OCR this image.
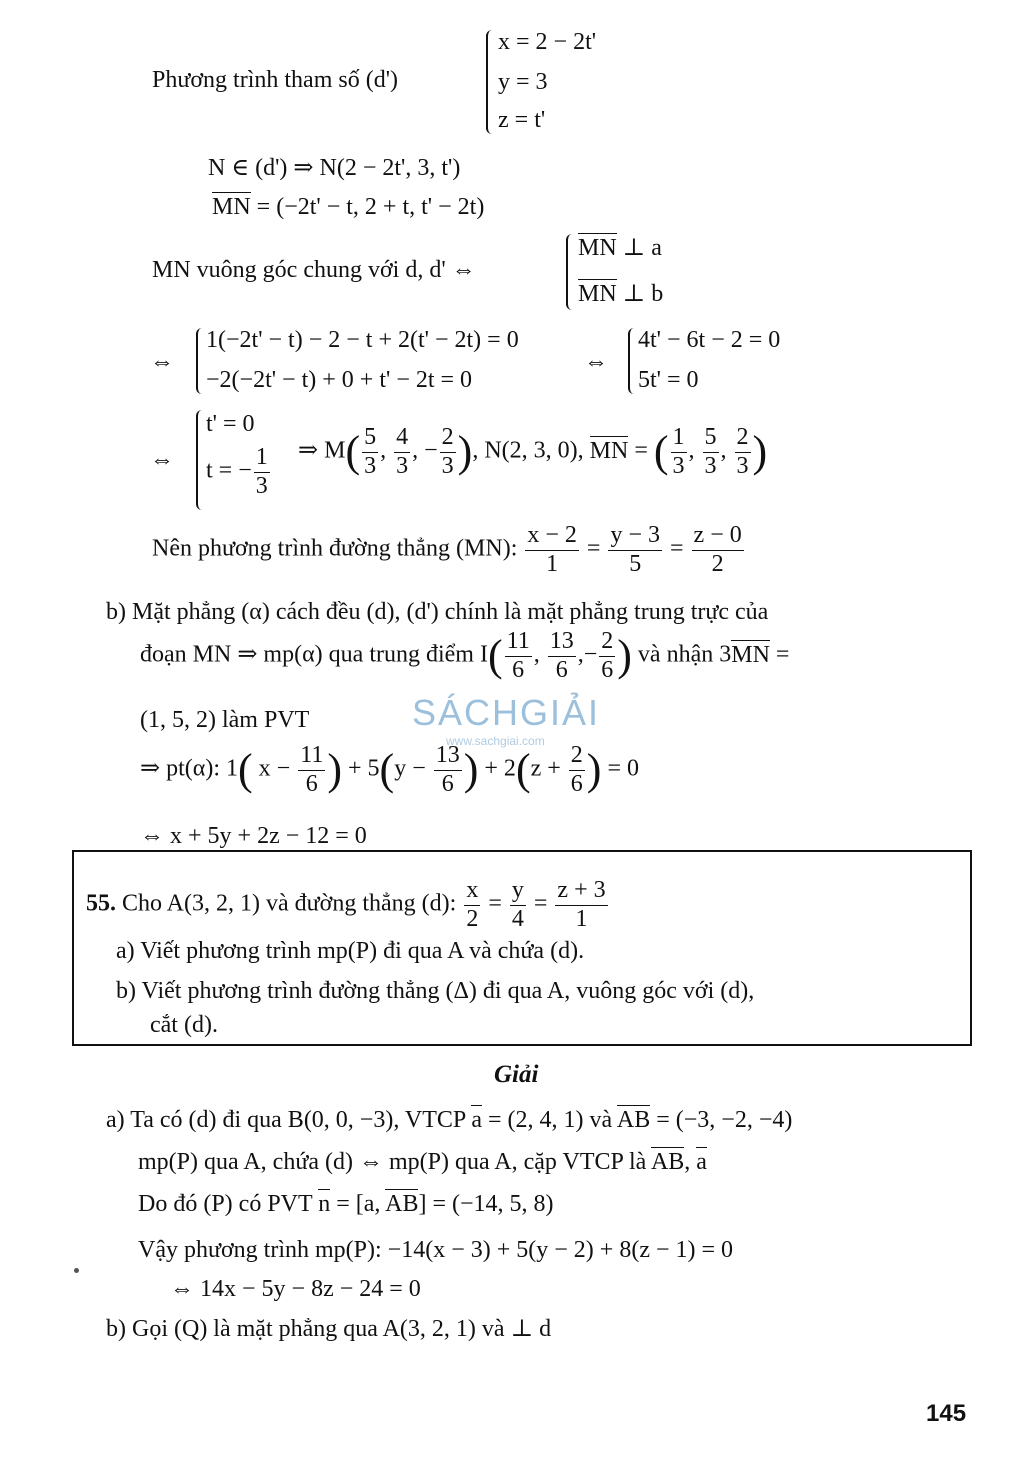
Phương trình tham số (d')
x = 2 − 2t'
y = 3
z = t'
N ∈ (d') ⇒ N(2 − 2t', 3, t')
MN = (−2t' − t, 2 + t, t' − 2t)
MN vuông góc chung với d, d' ⇔
MN ⊥ a
MN ⊥ b
⇔
1(−2t' − t) − 2 − t + 2(t' − 2t) = 0
−2(−2t' − t) + 0 + t' − 2t = 0
⇔
4t' − 6t − 2 = 0
5t' = 0
⇔
t' = 0
t = − $\frac{1}{3}$ ⇒ $M( \frac{5}{3}$ , $\frac{4}{3}$ , − $\frac{2}{3}$ ), N(2, 3, 0), MN = ( $\frac{1}{3}$ , $\frac{5}{3}$ , $\frac{2}{3}$ )
Nên phương trình đường thẳng (MN): $\frac{x - 2}{1} = \frac{y - 3}{5} = \frac{z - 0}{2}$
b) Mặt phẳng (α) cách đều (d), (d') chính là mặt phẳng trung trực của
đoạn MN ⇒ mp(α) qua trung điểm $I( \frac{11}{6}$ , $\frac{13}{6}$ ,− $\frac{2}{6}$ ) và nhận 3MN =
(1, 5, 2) làm PVT	SÁCHGIẢI
www.sachgiai.com
⇒ pt(α): 1( $x - \frac{11}{6}$ ) + $5(y - \frac{13}{6}$ ) + $2(z + \frac{2}{6}$ ) = 0
⇔ x + 5y + 2z − 12 = 0
55. Cho A(3, 2, 1) và đường thẳng (d): $\frac{x}{2} = \frac{y}{4} = \frac{z + 3}{1}$
a) Viết phương trình mp(P) đi qua A và chứa (d).
b) Viết phương trình đường thẳng (Δ) đi qua A, vuông góc với (d),
cắt (d).
Giải
a) Ta có (d) đi qua B(0, 0, −3), VTCP a = (2, 4, 1) và AB = (−3, −2, −4)
mp(P) qua A, chứa (d) ⇔ mp(P) qua A, cặp VTCP là AB, a
Do đó (P) có PVT n = [a, AB] = (−14, 5, 8)
Vậy phương trình mp(P): −14(x − 3) + 5(y − 2) + 8(z − 1) = 0
⇔ 14x − 5y − 8z − 24 = 0
b) Gọi (Q) là mặt phẳng qua A(3, 2, 1) và ⊥ d
145
